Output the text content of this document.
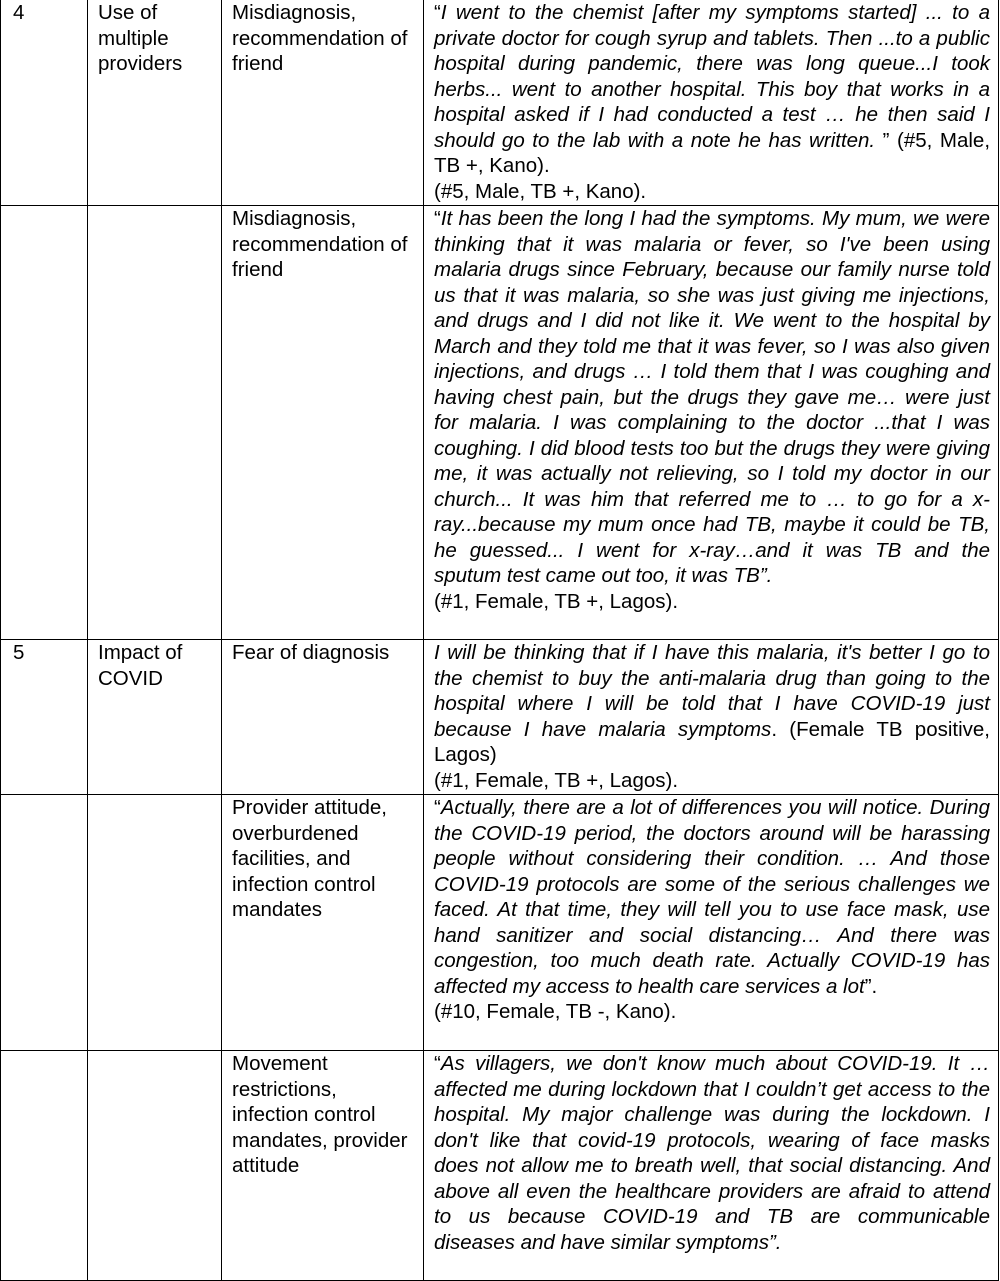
4	Use of multiple providers	Misdiagnosis, recommendation of friend	“I went to the chemist [after my symptoms started] ... to a private doctor for cough syrup and tablets. Then ...to a public hospital during pandemic, there was long queue...I took herbs... went to another hospital. This boy that works in a hospital asked if I had conducted a test … he then said I should go to the lab with a note he has written. ” (#5, Male, TB +, Kano).
(#5, Male, TB +, Kano).

		Misdiagnosis, recommendation of friend	“It has been the long I had the symptoms. My mum, we were thinking that it was malaria or fever, so I've been using malaria drugs since February, because our family nurse told us that it was malaria, so she was just giving me injections, and drugs and I did not like it. We went to the hospital by March and they told me that it was fever, so I was also given injections, and drugs … I told them that I was coughing and having chest pain, but the drugs they gave me… were just for malaria. I was complaining to the doctor ...that I was coughing. I did blood tests too but the drugs they were giving me, it was actually not relieving, so I told my doctor in our church... It was him that referred me to … to go for a x-ray...because my mum once had TB, maybe it could be TB, he guessed... I went for x-ray…and it was TB and the sputum test came out too, it was TB”.
(#1, Female, TB +, Lagos).

5	Impact of COVID	Fear of diagnosis	I will be thinking that if I have this malaria, it's better I go to the chemist to buy the anti-malaria drug than going to the hospital where I will be told that I have COVID-19 just because I have malaria symptoms. (Female TB positive, Lagos)
(#1, Female, TB +, Lagos).

		Provider attitude, overburdened facilities, and infection control mandates	“Actually, there are a lot of differences you will notice. During the COVID-19 period, the doctors around will be harassing people without considering their condition. … And those COVID-19 protocols are some of the serious challenges we faced. At that time, they will tell you to use face mask, use hand sanitizer and social distancing… And there was congestion, too much death rate. Actually COVID-19 has affected my access to health care services a lot”.
(#10, Female, TB -, Kano).

		Movement restrictions, infection control mandates, provider attitude	“As villagers, we don't know much about COVID-19. It … affected me during lockdown that I couldn’t get access to the hospital. My major challenge was during the lockdown. I don't like that covid-19 protocols, wearing of face masks does not allow me to breath well, that social distancing. And above all even the healthcare providers are afraid to attend to us because COVID-19 and TB are communicable diseases and have similar symptoms”.
